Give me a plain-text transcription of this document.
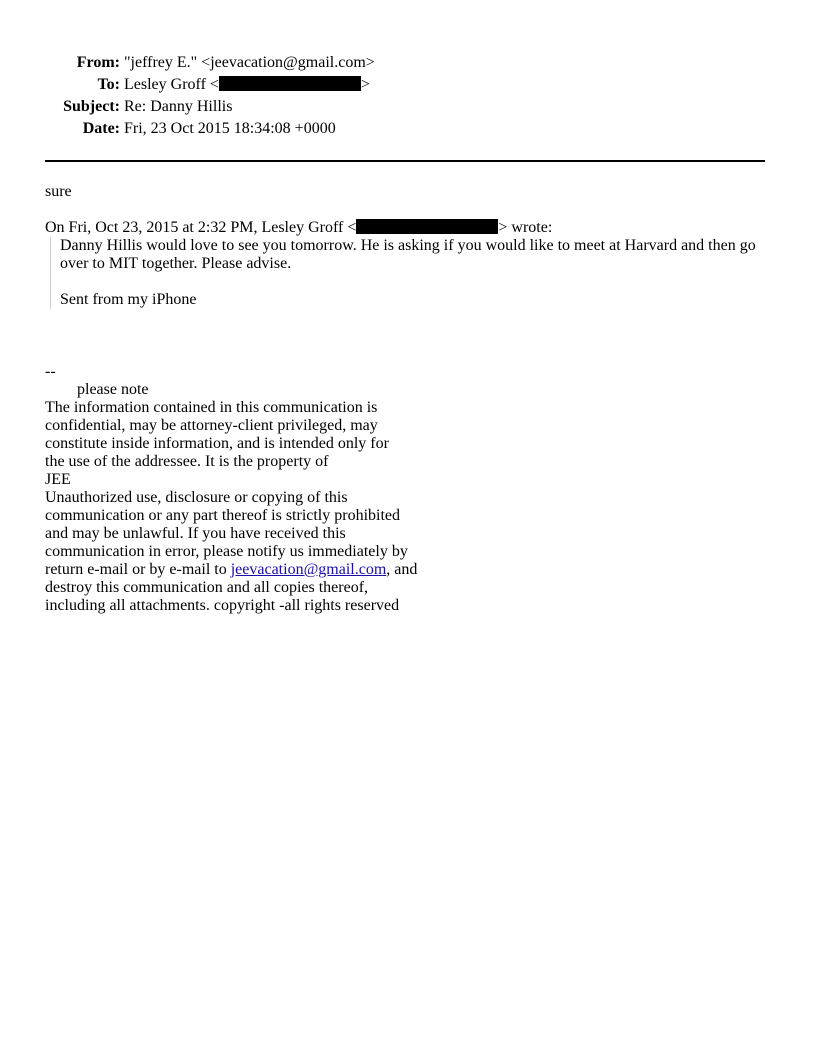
From: "jeffrey E." <jeevacation@gmail.com>
To: Lesley Groff <	>
Subject: Re: Danny Hillis
Date: Fri, 23 Oct 2015 18:34:08 +0000

sure

On Fri, Oct 23, 2015 at 2:32 PM, Lesley Groff <	> wrote:

Danny Hillis would love to see you tomorrow. He is asking if you would like to meet at Harvard and then go over to MIT together. Please advise.

Sent from my iPhone

--
please note
The information contained in this communication is
confidential, may be attorney-client privileged, may
constitute inside information, and is intended only for
the use of the addressee. It is the property of
JEE
Unauthorized use, disclosure or copying of this
communication or any part thereof is strictly prohibited
and may be unlawful. If you have received this
communication in error, please notify us immediately by
return e-mail or by e-mail to jeevacation@gmail.com, and
destroy this communication and all copies thereof,
including all attachments. copyright -all rights reserved
